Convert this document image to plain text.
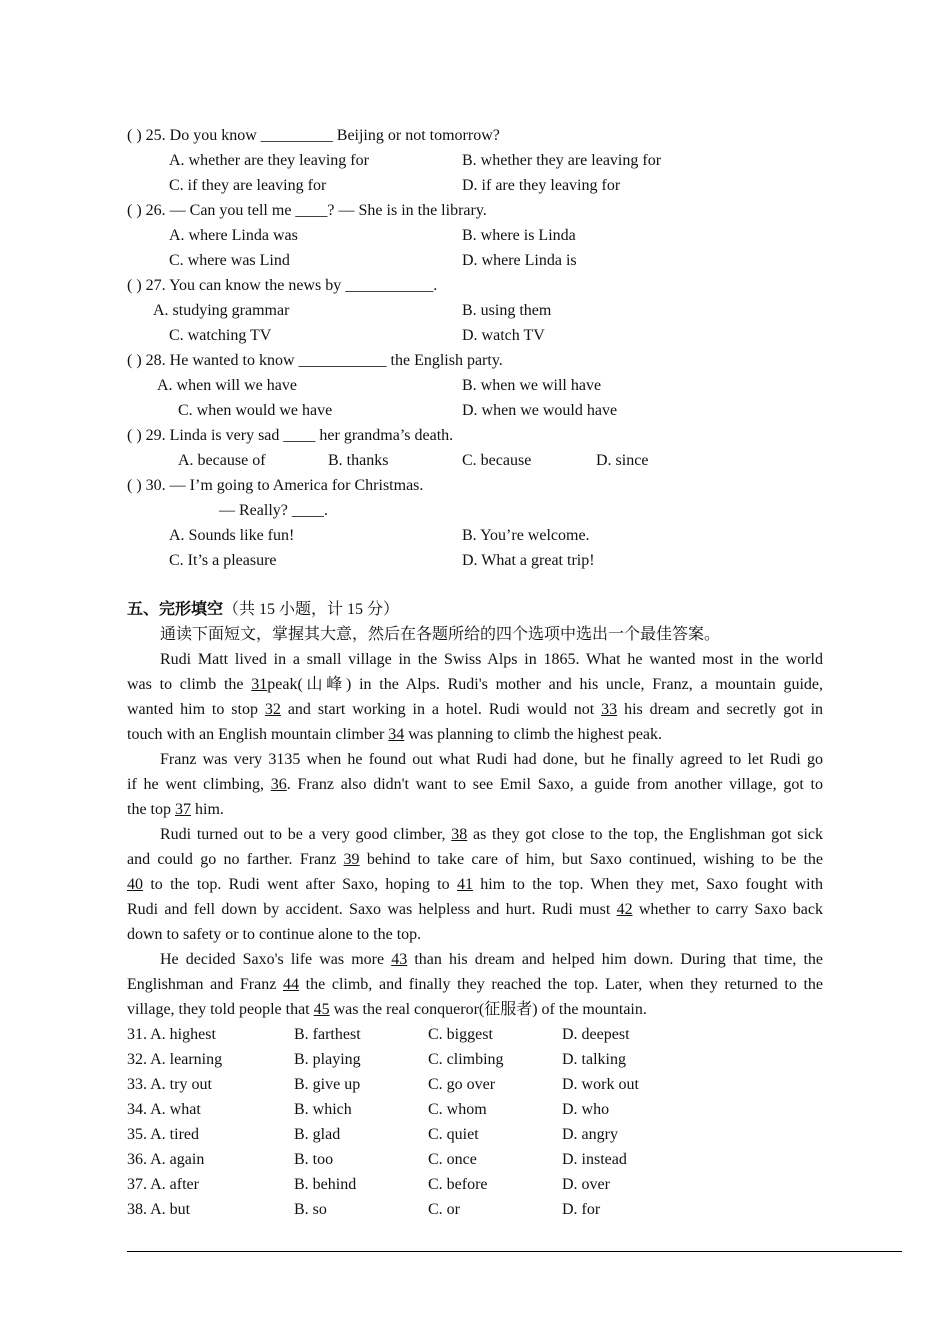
( ) 25. Do you know _________ Beijing or not tomorrow?
A. whether are they leaving for	B. whether they are leaving for
C. if they are leaving for	D. if are they leaving for
( ) 26. — Can you tell me ____? — She is in the library.
A. where Linda was	B. where is Linda
C. where was Lind	D. where Linda is
( ) 27. You can know the news by ___________.
A. studying grammar	B. using them
C. watching TV	D. watch TV
( ) 28. He wanted to know ___________ the English party.
A. when will we have	B. when we will have
C. when would we have	D. when we would have
( ) 29. Linda is very sad ____ her grandma’s death.
A. because of	B. thanks	C. because	D. since
( ) 30. — I’m going to America for Christmas.
— Really? ____.
A. Sounds like fun!	B. You’re welcome.
C. It’s a pleasure	D. What a great trip!
五、完形填空（共 15 小题，计 15 分）
通读下面短文，掌握其大意，然后在各题所给的四个选项中选出一个最佳答案。
Rudi Matt lived in a small village in the Swiss Alps in 1865. What he wanted most in the world
was to climb the 31peak(山峰) in the Alps. Rudi's mother and his uncle, Franz, a mountain guide,
wanted him to stop 32 and start working in a hotel. Rudi would not 33 his dream and secretly got in
touch with an English mountain climber 34 was planning to climb the highest peak.
Franz was very 3135 when he found out what Rudi had done, but he finally agreed to let Rudi go
if he went climbing, 36. Franz also didn't want to see Emil Saxo, a guide from another village, got to
the top 37 him.
Rudi turned out to be a very good climber, 38 as they got close to the top, the Englishman got sick
and could go no farther. Franz 39 behind to take care of him, but Saxo continued, wishing to be the
40 to the top. Rudi went after Saxo, hoping to 41 him to the top. When they met, Saxo fought with
Rudi and fell down by accident. Saxo was helpless and hurt. Rudi must 42 whether to carry Saxo back
down to safety or to continue alone to the top.
He decided Saxo's life was more 43 than his dream and helped him down. During that time, the
Englishman and Franz 44 the climb, and finally they reached the top. Later, when they returned to the
village, they told people that 45 was the real conqueror(征服者) of the mountain.
31. A. highest	B. farthest	C. biggest	D. deepest
32. A. learning	B. playing	C. climbing	D. talking
33. A. try out	B. give up	C. go over	D. work out
34. A. what	B. which	C. whom	D. who
35. A. tired	B. glad	C. quiet	D. angry
36. A. again	B. too	C. once	D. instead
37. A. after	B. behind	C. before	D. over
38. A. but	B. so	C. or	D. for
